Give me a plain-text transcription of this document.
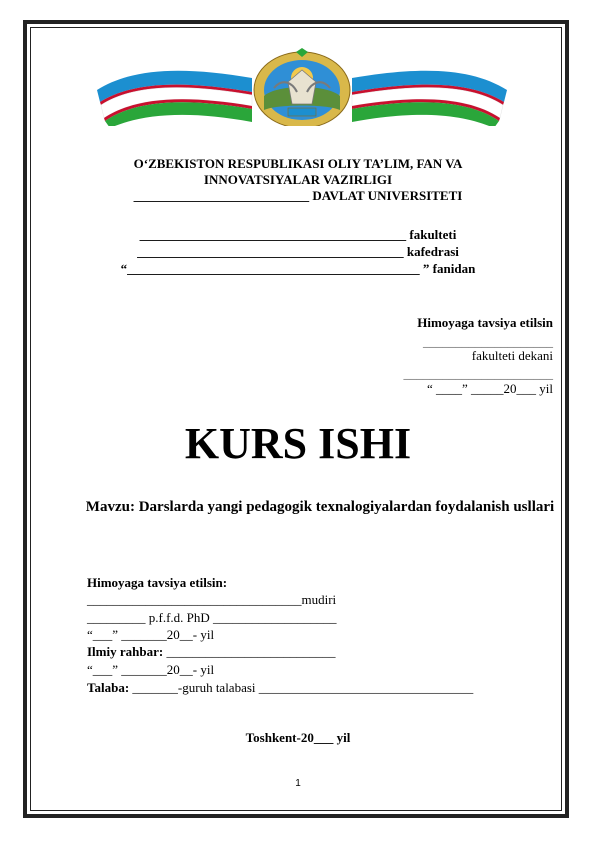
O‘ZBEKISTON RESPUBLIKASI OLIY TA’LIM, FAN VA
INNOVATSIYALAR VAZIRLIGI
___________________________ DAVLAT UNIVERSITETI
_________________________________________ fakulteti
_________________________________________ kafedrasi
“_____________________________________________ ” fanidan
Himoyaga tavsiya etilsin
____________________
fakulteti dekani
_______________________
“ ____” _____20___ yil
KURS ISHI
Mavzu: Darslarda yangi pedagogik texnalogiyalardan foydalanish usllari
Himoyaga tavsiya etilsin:
_________________________________mudiri
_________ p.f.f.d. PhD ___________________
“___” _______20__- yil
Ilmiy rahbar: __________________________
“___” _______20__- yil
Talaba: _______-guruh talabasi _________________________________
Toshkent-20___ yil
1
